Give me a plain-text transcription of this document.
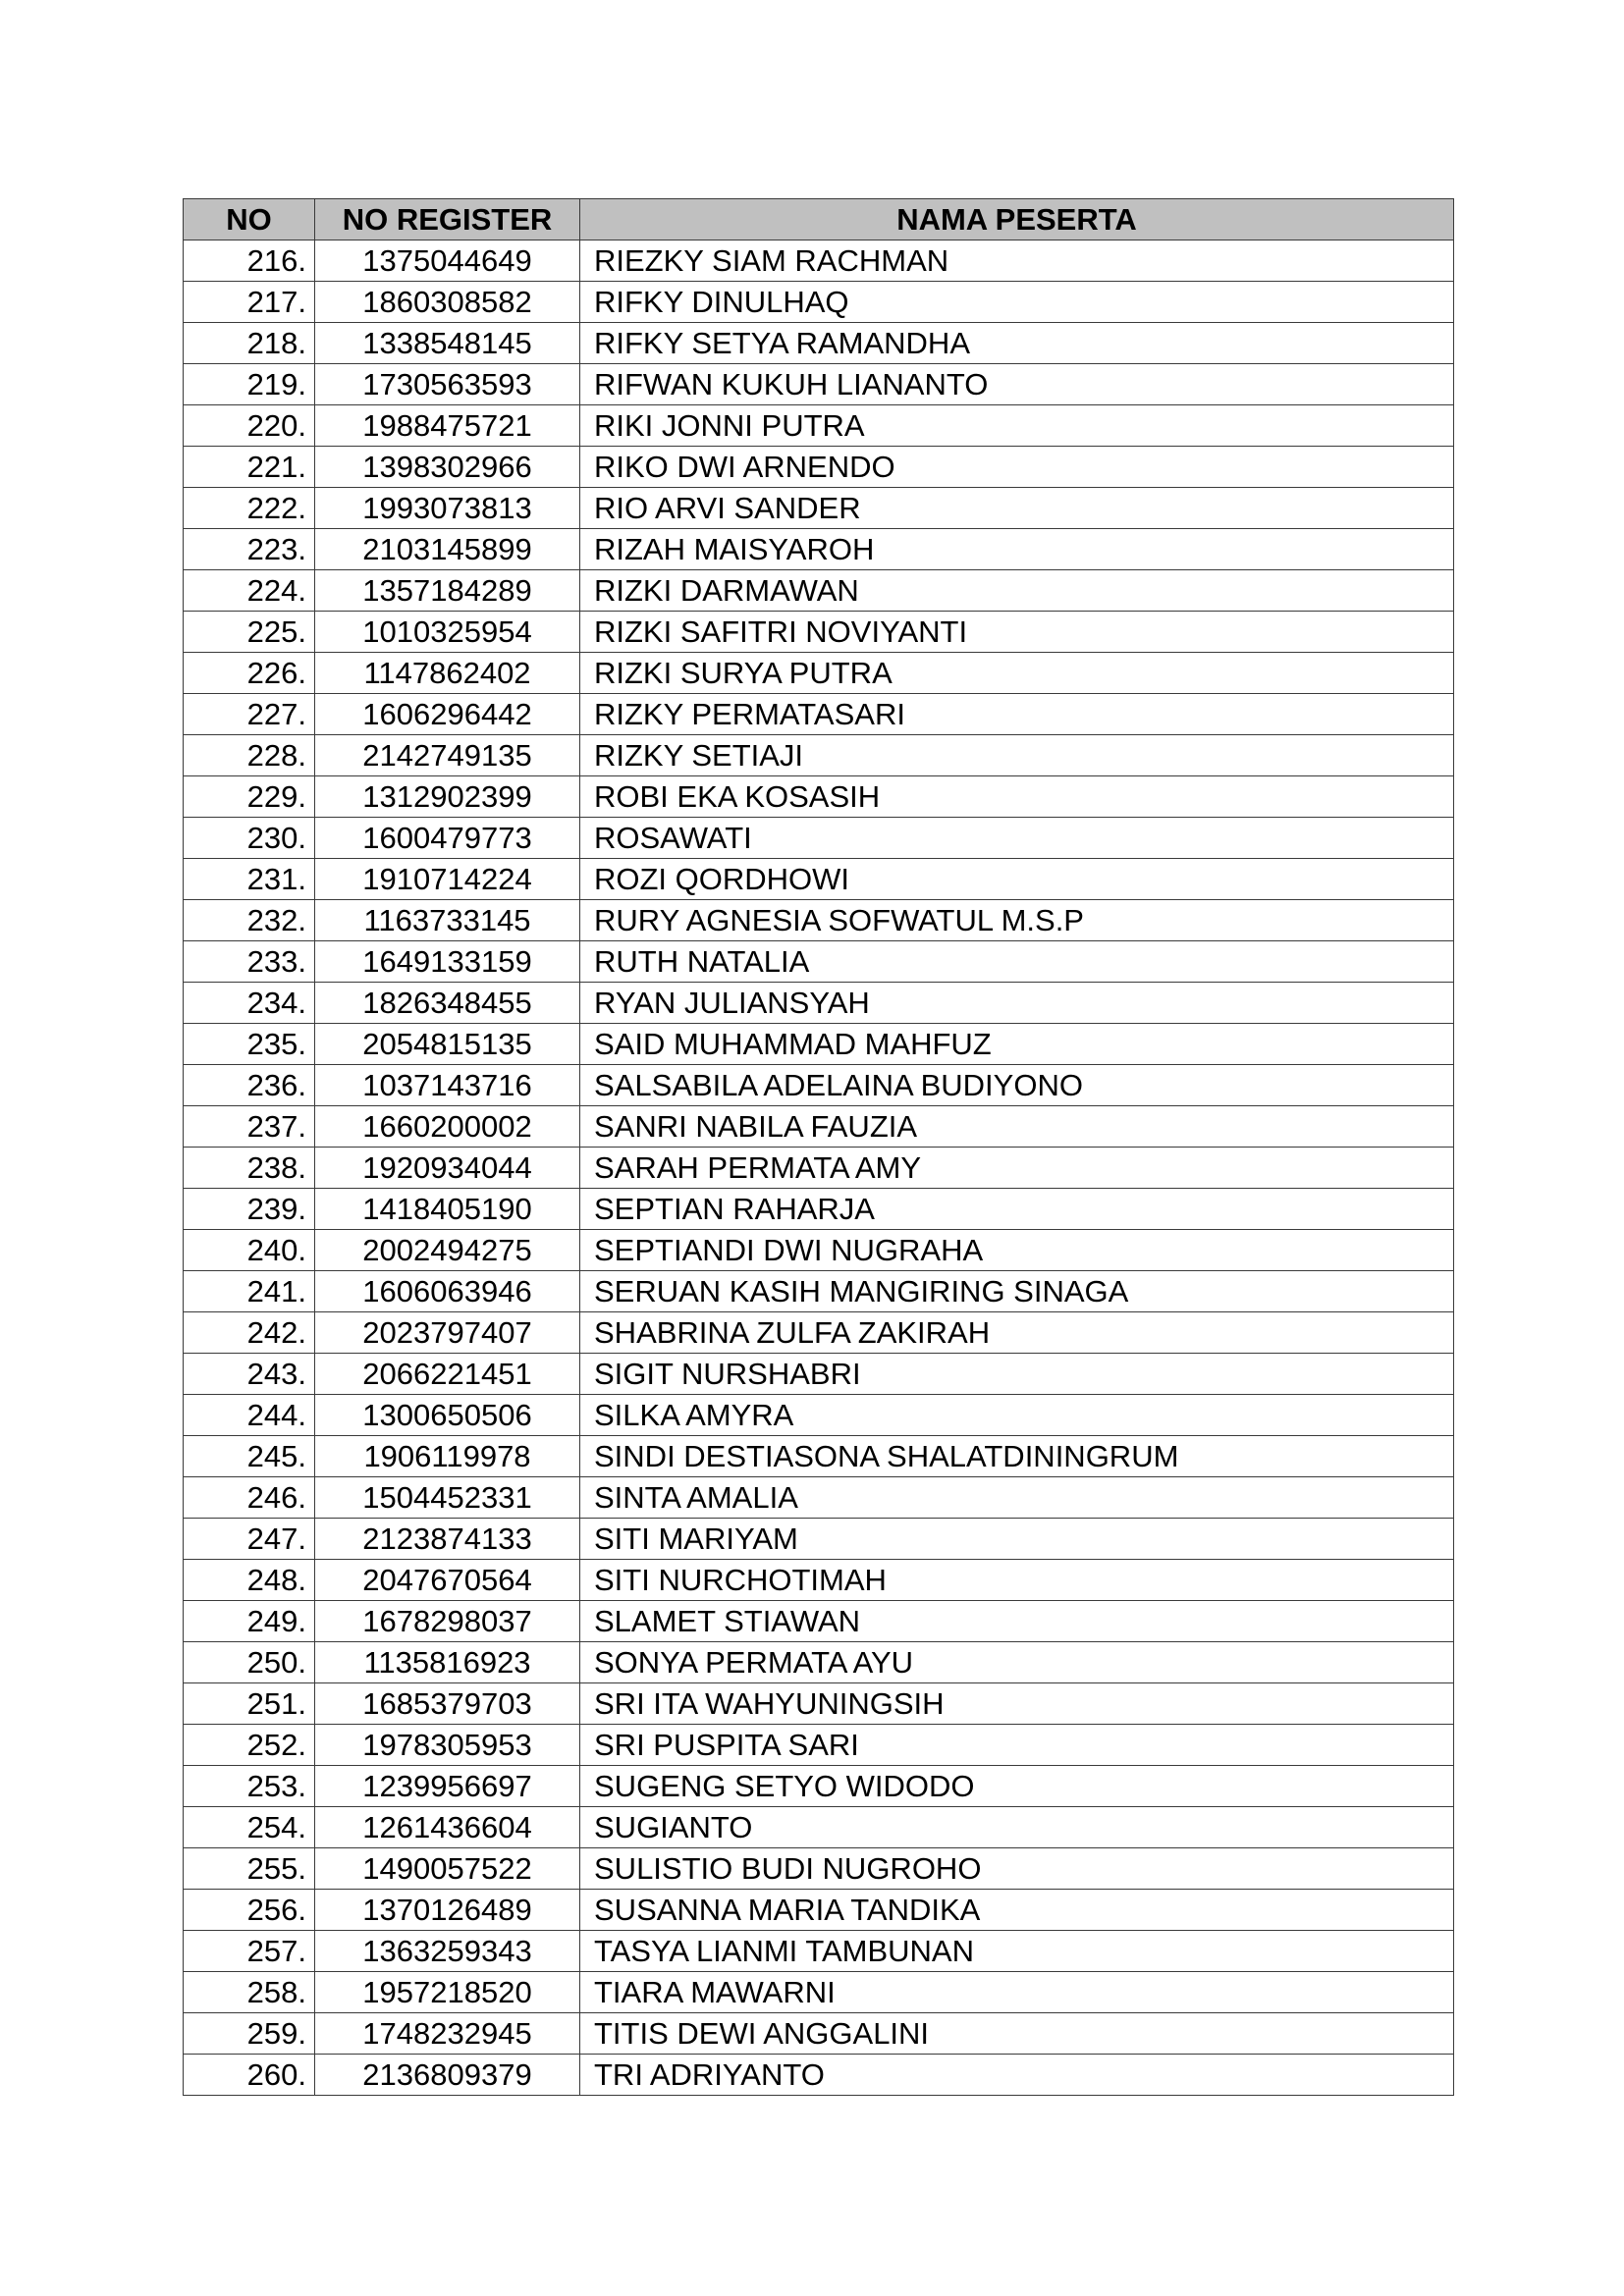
NO	NO REGISTER	NAMA PESERTA
216.	1375044649	RIEZKY SIAM RACHMAN
217.	1860308582	RIFKY DINULHAQ
218.	1338548145	RIFKY SETYA RAMANDHA
219.	1730563593	RIFWAN KUKUH LIANANTO
220.	1988475721	RIKI JONNI PUTRA
221.	1398302966	RIKO DWI ARNENDO
222.	1993073813	RIO ARVI SANDER
223.	2103145899	RIZAH MAISYAROH
224.	1357184289	RIZKI DARMAWAN
225.	1010325954	RIZKI SAFITRI NOVIYANTI
226.	1147862402	RIZKI SURYA PUTRA
227.	1606296442	RIZKY PERMATASARI
228.	2142749135	RIZKY SETIAJI
229.	1312902399	ROBI EKA KOSASIH
230.	1600479773	ROSAWATI
231.	1910714224	ROZI QORDHOWI
232.	1163733145	RURY AGNESIA SOFWATUL M.S.P
233.	1649133159	RUTH NATALIA
234.	1826348455	RYAN JULIANSYAH
235.	2054815135	SAID MUHAMMAD MAHFUZ
236.	1037143716	SALSABILA ADELAINA BUDIYONO
237.	1660200002	SANRI NABILA FAUZIA
238.	1920934044	SARAH PERMATA AMY
239.	1418405190	SEPTIAN RAHARJA
240.	2002494275	SEPTIANDI DWI NUGRAHA
241.	1606063946	SERUAN KASIH MANGIRING SINAGA
242.	2023797407	SHABRINA ZULFA ZAKIRAH
243.	2066221451	SIGIT NURSHABRI
244.	1300650506	SILKA AMYRA
245.	1906119978	SINDI DESTIASONA SHALATDININGRUM
246.	1504452331	SINTA AMALIA
247.	2123874133	SITI MARIYAM
248.	2047670564	SITI NURCHOTIMAH
249.	1678298037	SLAMET STIAWAN
250.	1135816923	SONYA PERMATA AYU
251.	1685379703	SRI ITA WAHYUNINGSIH
252.	1978305953	SRI PUSPITA SARI
253.	1239956697	SUGENG SETYO WIDODO
254.	1261436604	SUGIANTO
255.	1490057522	SULISTIO BUDI NUGROHO
256.	1370126489	SUSANNA MARIA TANDIKA
257.	1363259343	TASYA LIANMI TAMBUNAN
258.	1957218520	TIARA MAWARNI
259.	1748232945	TITIS DEWI ANGGALINI
260.	2136809379	TRI ADRIYANTO
